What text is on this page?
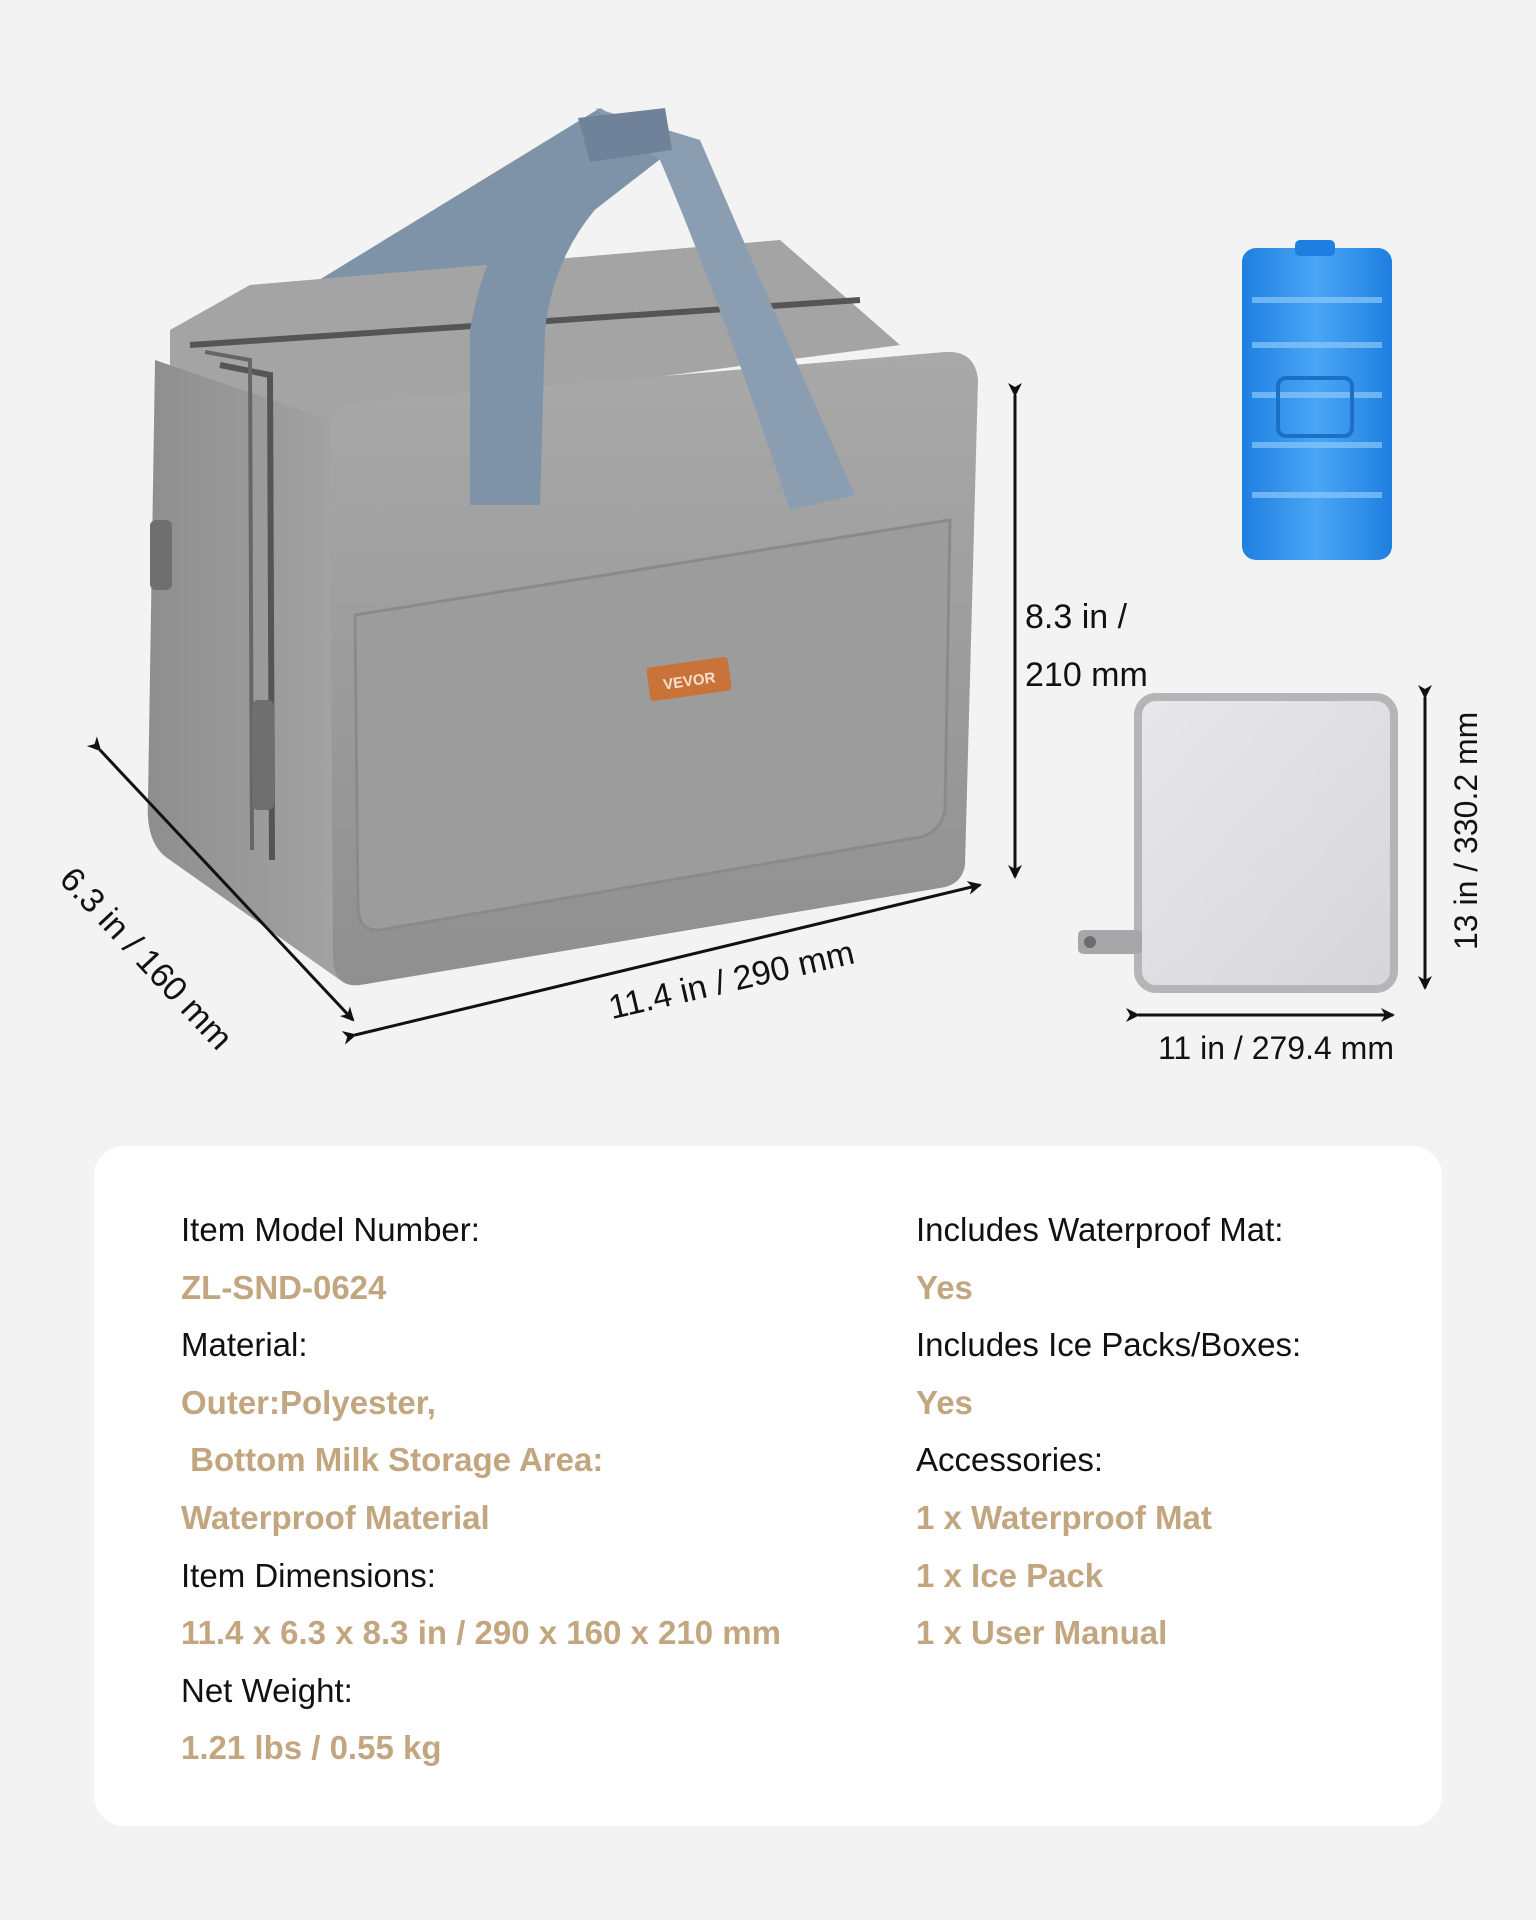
VEVOR
8.3 in /
210 mm
6.3 in / 160 mm	11.4 in / 290 mm
11 in / 279.4 mm
13 in / 330.2 mm
Item Model Number:
ZL-SND-0624
Material:
Outer:Polyester,
Bottom Milk Storage Area:
Waterproof Material
Item Dimensions:
11.4 x 6.3 x 8.3 in / 290 x 160 x 210 mm
Net Weight:
1.21 lbs / 0.55 kg
Includes Waterproof Mat:
Yes
Includes Ice Packs/Boxes:
Yes
Accessories:
1 x Waterproof Mat
1 x Ice Pack
1 x User Manual
